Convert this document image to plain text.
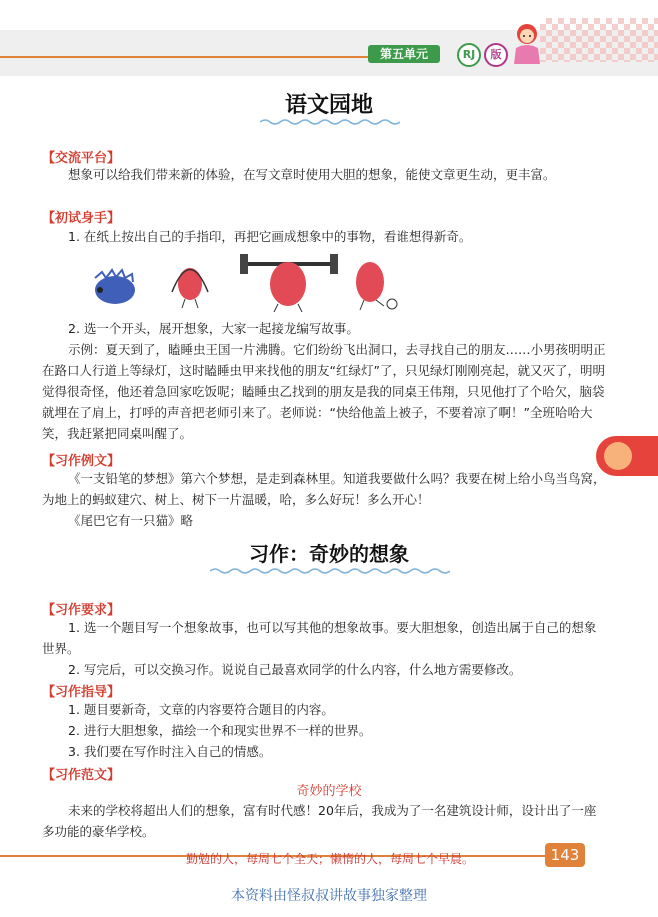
第五单元	RJ	版
语文园地
【交流平台】
想象可以给我们带来新的体验，在写文章时使用大胆的想象，能使文章更生动，更丰富。
【初试身手】
1. 在纸上按出自己的手指印，再把它画成想象中的事物，看谁想得新奇。
2. 选一个开头，展开想象，大家一起接龙编写故事。
示例：夏天到了，瞌睡虫王国一片沸腾。它们纷纷飞出洞口，去寻找自己的朋友……小男孩明明正在路口人行道上等绿灯，这时瞌睡虫甲来找他的朋友“红绿灯”了，只见绿灯刚刚亮起，就又灭了，明明觉得很奇怪，他还着急回家吃饭呢；瞌睡虫乙找到的朋友是我的同桌王伟翔，只见他打了个哈欠，脑袋就埋在了肩上，打呼的声音把老师引来了。老师说：“快给他盖上被子，不要着凉了啊！”全班哈哈大笑，我赶紧把同桌叫醒了。
【习作例文】
《一支铅笔的梦想》第六个梦想，是走到森林里。知道我要做什么吗？我要在树上给小鸟当鸟窝，为地上的蚂蚁建穴、树上、树下一片温暖，哈，多么好玩！多么开心！
《尾巴它有一只猫》略
习作：奇妙的想象
【习作要求】
1. 选一个题目写一个想象故事，也可以写其他的想象故事。要大胆想象，创造出属于自己的想象世界。
2. 写完后，可以交换习作。说说自己最喜欢同学的什么内容，什么地方需要修改。
【习作指导】
1. 题目要新奇，文章的内容要符合题目的内容。
2. 进行大胆想象，描绘一个和现实世界不一样的世界。
3. 我们要在写作时注入自己的情感。
【习作范文】
奇妙的学校
未来的学校将超出人们的想象，富有时代感！20年后，我成为了一名建筑设计师，设计出了一座多功能的豪华学校。
勤勉的人，每周七个全天；懒惰的人，每周七个早晨。	143
本资料由怪叔叔讲故事独家整理
